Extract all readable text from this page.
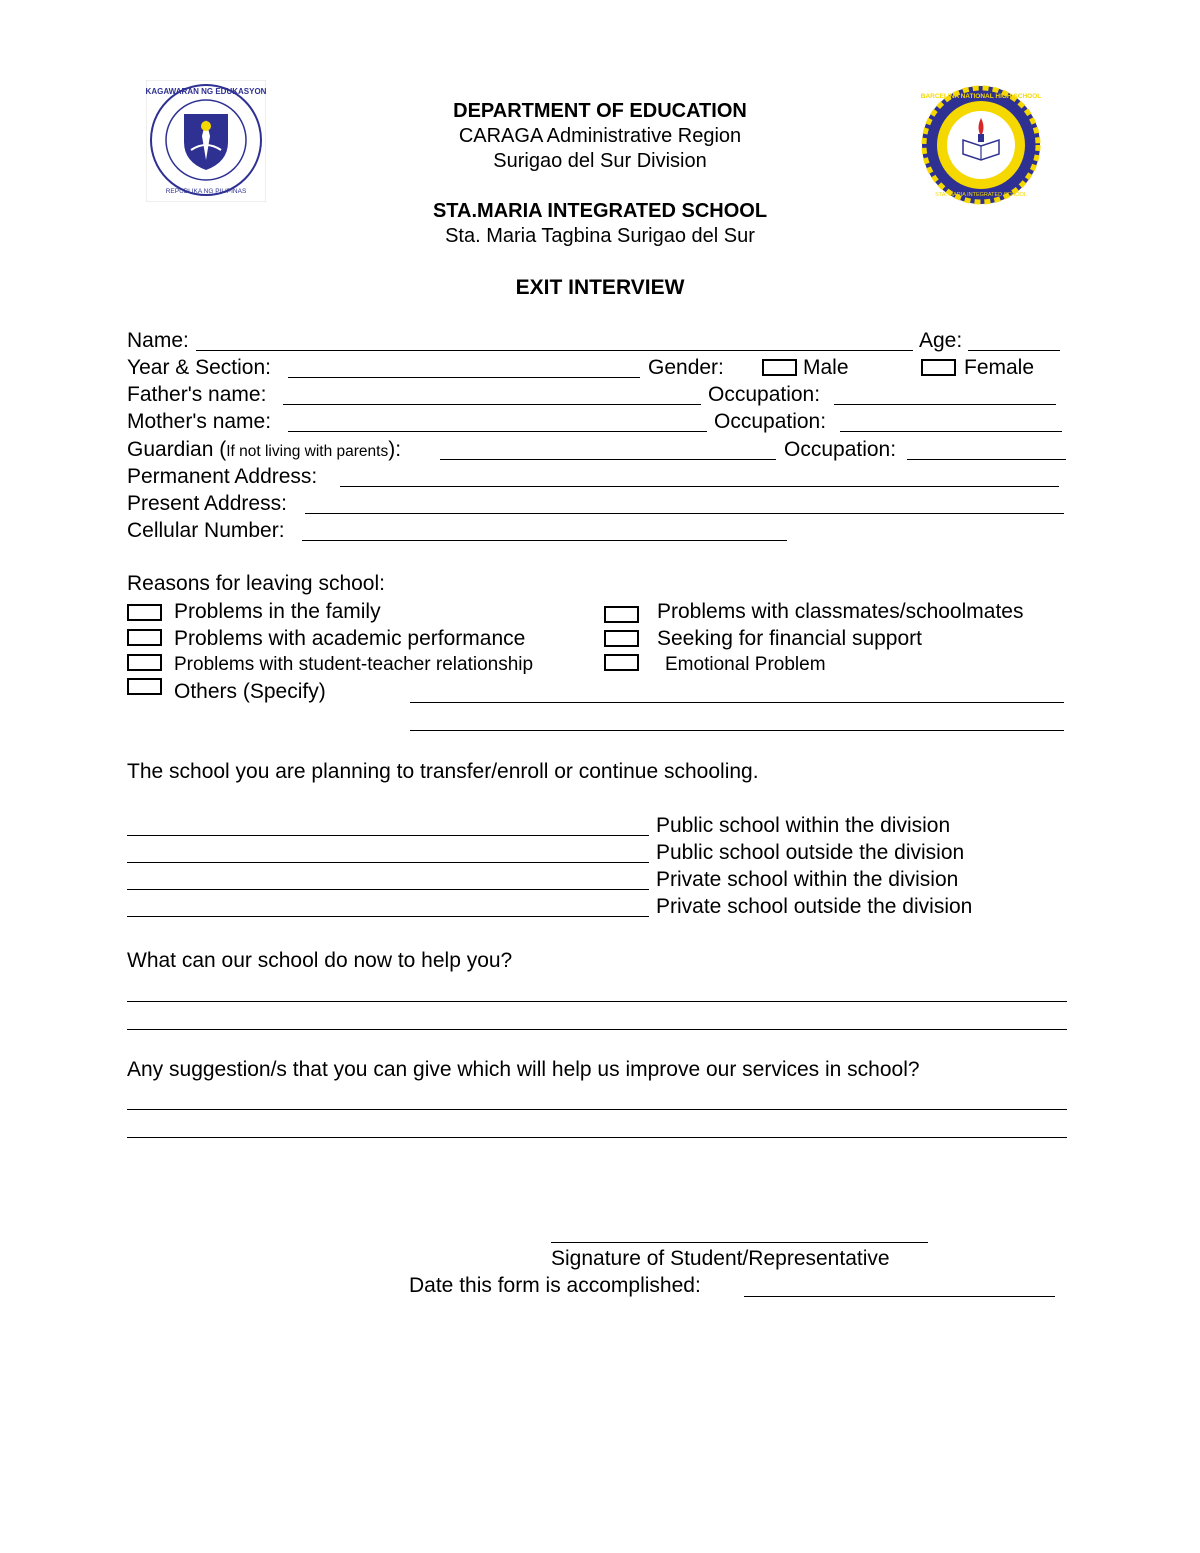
KAGAWARAN NG EDUKASYON
REPUBLIKA NG PILIPINAS
BARCELINA NATIONAL HIGH SCHOOL
STA. MARIA INTEGRATED SCHOOL
DEPARTMENT OF EDUCATION
CARAGA Administrative Region
Surigao del Sur Division
STA.MARIA INTEGRATED SCHOOL
Sta. Maria Tagbina Surigao del Sur
EXIT INTERVIEW
Name:	Age:
Year & Section:	Gender:	Male	Female
Father's name:	Occupation:
Mother's name:	Occupation:
Guardian (If not living with parents):	Occupation:
Permanent Address:
Present Address:
Cellular Number:
Reasons for leaving school:
Problems in the family
Problems with academic performance
Problems with student-teacher relationship
Others (Specify)
Problems with classmates/schoolmates
Seeking for financial support
Emotional Problem
The school you are planning to transfer/enroll or continue schooling.
Public school within the division
Public school outside the division
Private school within the division
Private school outside the division
What can our school do now to help you?
Any suggestion/s that you can give which will help us improve our services in school?
Signature of Student/Representative
Date this form is accomplished:
